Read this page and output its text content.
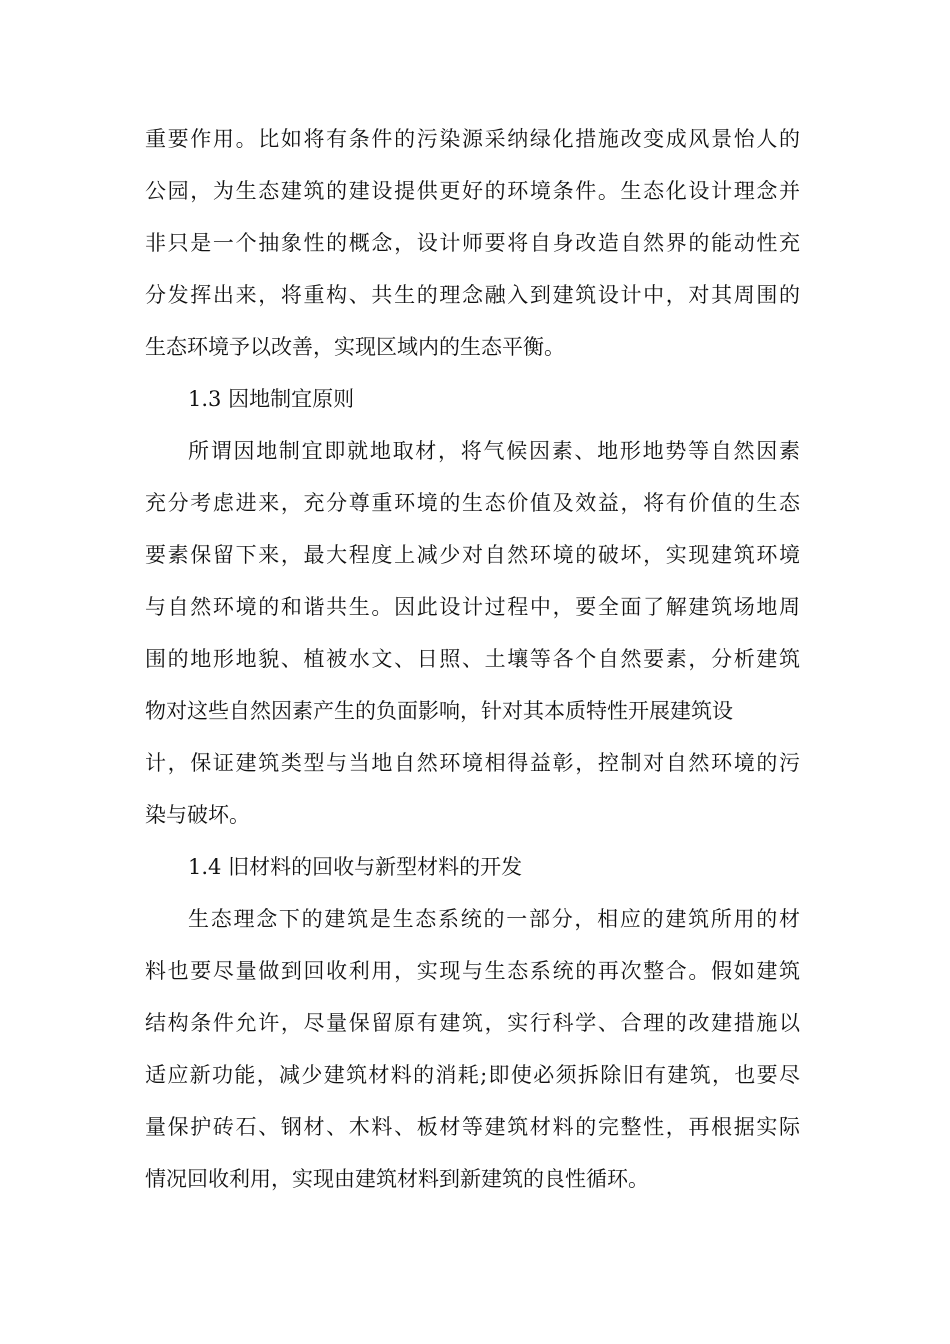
重要作用。比如将有条件的污染源采纳绿化措施改变成风景怡人的
公园，为生态建筑的建设提供更好的环境条件。生态化设计理念并
非只是一个抽象性的概念，设计师要将自身改造自然界的能动性充
分发挥出来，将重构、共生的理念融入到建筑设计中，对其周围的
生态环境予以改善，实现区域内的生态平衡。
1.3 因地制宜原则
所谓因地制宜即就地取材，将气候因素、地形地势等自然因素
充分考虑进来，充分尊重环境的生态价值及效益，将有价值的生态
要素保留下来，最大程度上减少对自然环境的破坏，实现建筑环境
与自然环境的和谐共生。因此设计过程中，要全面了解建筑场地周
围的地形地貌、植被水文、日照、土壤等各个自然要素，分析建筑
物对这些自然因素产生的负面影响，针对其本质特性开展建筑设
计，保证建筑类型与当地自然环境相得益彰，控制对自然环境的污
染与破坏。
1.4 旧材料的回收与新型材料的开发
生态理念下的建筑是生态系统的一部分，相应的建筑所用的材
料也要尽量做到回收利用，实现与生态系统的再次整合。假如建筑
结构条件允许，尽量保留原有建筑，实行科学、合理的改建措施以
适应新功能，减少建筑材料的消耗;即使必须拆除旧有建筑，也要尽
量保护砖石、钢材、木料、板材等建筑材料的完整性，再根据实际
情况回收利用，实现由建筑材料到新建筑的良性循环。
